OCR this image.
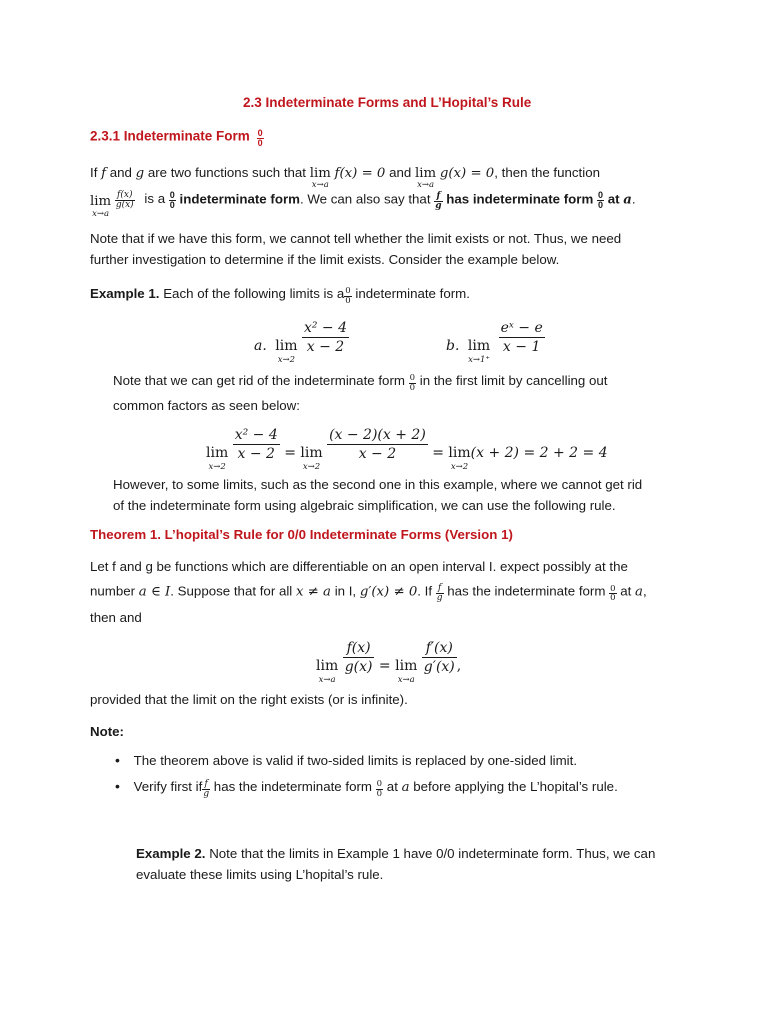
2.3 Indeterminate Forms and L’Hopital’s Rule
2.3.1 Indeterminate Form $\frac{0}{0}$
If f and g are two functions such that lim
x→a
f(x) = 0 and lim
x→a
g(x) = 0, then the function
lim
x→a

$\frac{f(x)}{g(x)}$ is a $\frac{0}{0}$ indeterminate form. We can also say that $\frac{f}{g}$ has indeterminate form $\frac{0}{0}$ at a.
Note that if we have this form, we cannot tell whether the limit exists or not. Thus, we need
further investigation to determine if the limit exists. Consider the example below.
Example 1. Each of the following limits is a $\frac{0}{0}$ indeterminate form.
a. lim
x→2

$\frac{\text{x² − 4}}{x - 2}$	b. lim
x→1⁺

$\frac{\text{eˣ − e}}{x - 1}$
Note that we can get rid of the indeterminate form $\frac{0}{0}$ in the first limit by cancelling out
common factors as seen below:
lim
x→2

$\frac{\text{x² − 4}}{x - 2} = \lim$
x→2

$\frac{(x - 2)(x + 2)}{x - 2} = \lim$
x→2
(x + 2) = 2 + 2 = 4
However, to some limits, such as the second one in this example, where we cannot get rid
of the indeterminate form using algebraic simplification, we can use the following rule.
Theorem 1. L’hopital’s Rule for 0/0 Indeterminate Forms (Version 1)
Let f and g be functions which are differentiable on an open interval I. expect possibly at the
number a ∈ I. Suppose that for all x ≠ a in I, g′(x) ≠ 0. If $\frac{f}{g}$ has the indeterminate form $\frac{0}{0}$ at a,
then and
lim
x→a

$\frac{f(x)}{g(x)} = \lim$
x→a

$\frac{f'(x)}{g'(x)}$ ,
provided that the limit on the right exists (or is infinite).
Note:
• The theorem above is valid if two-sided limits is replaced by one-sided limit.
• Verify first if $\frac{f}{g}$ has the indeterminate form $\frac{0}{0}$ at a before applying the L’hopital’s rule.
Example 2. Note that the limits in Example 1 have 0/0 indeterminate form. Thus, we can
evaluate these limits using L’hopital’s rule.
